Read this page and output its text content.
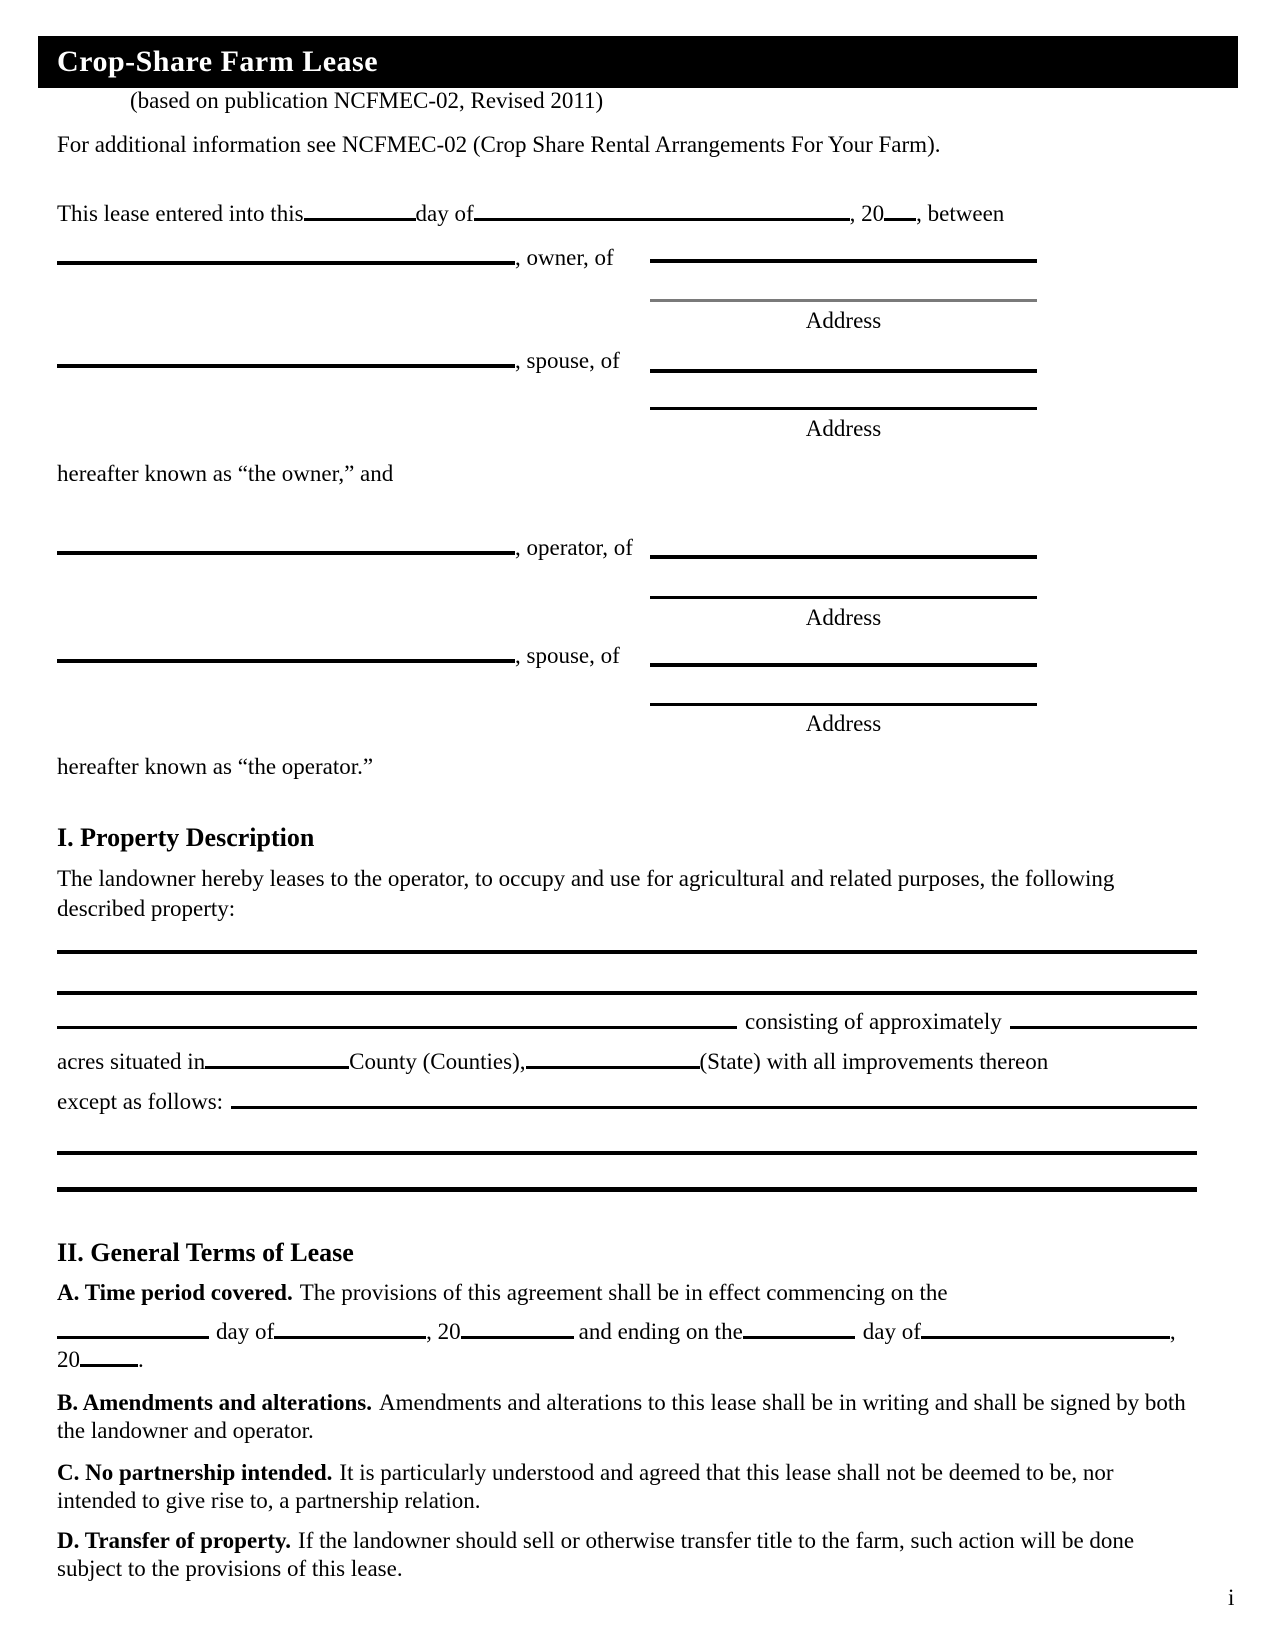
Crop-Share Farm Lease
(based on publication NCFMEC-02, Revised 2011)
For additional information see NCFMEC-02 (Crop Share Rental Arrangements For Your Farm).
This lease entered into this	day of	, 20 , between
, owner, of
Address
, spouse, of
Address
hereafter known as “the owner,” and
, operator, of
Address
, spouse, of
Address
hereafter known as “the operator.”
I. Property Description
The landowner hereby leases to the operator, to occupy and use for agricultural and related purposes, the following described property:
consisting of approximately
acres situated in	County (Counties),	(State) with all improvements thereon
except as follows:
II. General Terms of Lease
A. Time period covered. The provisions of this agreement shall be in effect commencing on the
day of	, 20	and ending on the	day of	,
20	.
B. Amendments and alterations. Amendments and alterations to this lease shall be in writing and shall be signed by both the landowner and operator.
C. No partnership intended. It is particularly understood and agreed that this lease shall not be deemed to be, nor intended to give rise to, a partnership relation.
D. Transfer of property. If the landowner should sell or otherwise transfer title to the farm, such action will be done subject to the provisions of this lease.
i
